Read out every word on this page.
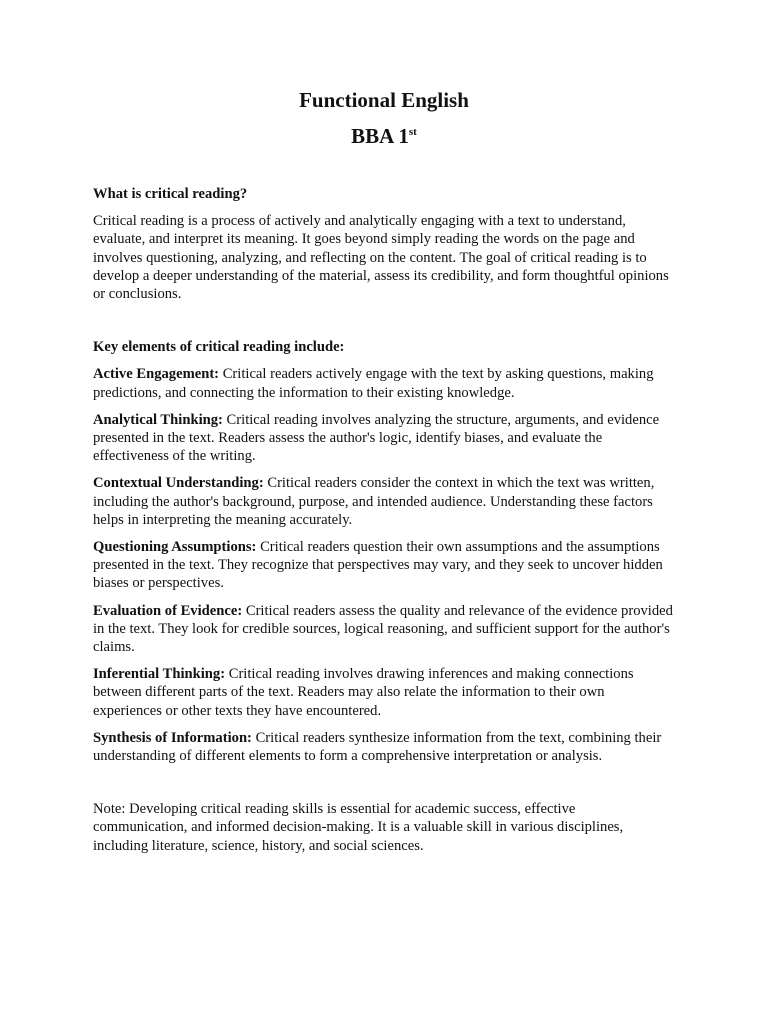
Functional English
BBA 1st

What is critical reading?

Critical reading is a process of actively and analytically engaging with a text to understand, evaluate, and interpret its meaning. It goes beyond simply reading the words on the page and involves questioning, analyzing, and reflecting on the content. The goal of critical reading is to develop a deeper understanding of the material, assess its credibility, and form thoughtful opinions or conclusions.

Key elements of critical reading include:

Active Engagement: Critical readers actively engage with the text by asking questions, making predictions, and connecting the information to their existing knowledge.

Analytical Thinking: Critical reading involves analyzing the structure, arguments, and evidence presented in the text. Readers assess the author's logic, identify biases, and evaluate the effectiveness of the writing.

Contextual Understanding: Critical readers consider the context in which the text was written, including the author's background, purpose, and intended audience. Understanding these factors helps in interpreting the meaning accurately.

Questioning Assumptions: Critical readers question their own assumptions and the assumptions presented in the text. They recognize that perspectives may vary, and they seek to uncover hidden biases or perspectives.

Evaluation of Evidence: Critical readers assess the quality and relevance of the evidence provided in the text. They look for credible sources, logical reasoning, and sufficient support for the author's claims.

Inferential Thinking: Critical reading involves drawing inferences and making connections between different parts of the text. Readers may also relate the information to their own experiences or other texts they have encountered.

Synthesis of Information: Critical readers synthesize information from the text, combining their understanding of different elements to form a comprehensive interpretation or analysis.

Note: Developing critical reading skills is essential for academic success, effective communication, and informed decision-making. It is a valuable skill in various disciplines, including literature, science, history, and social sciences.
